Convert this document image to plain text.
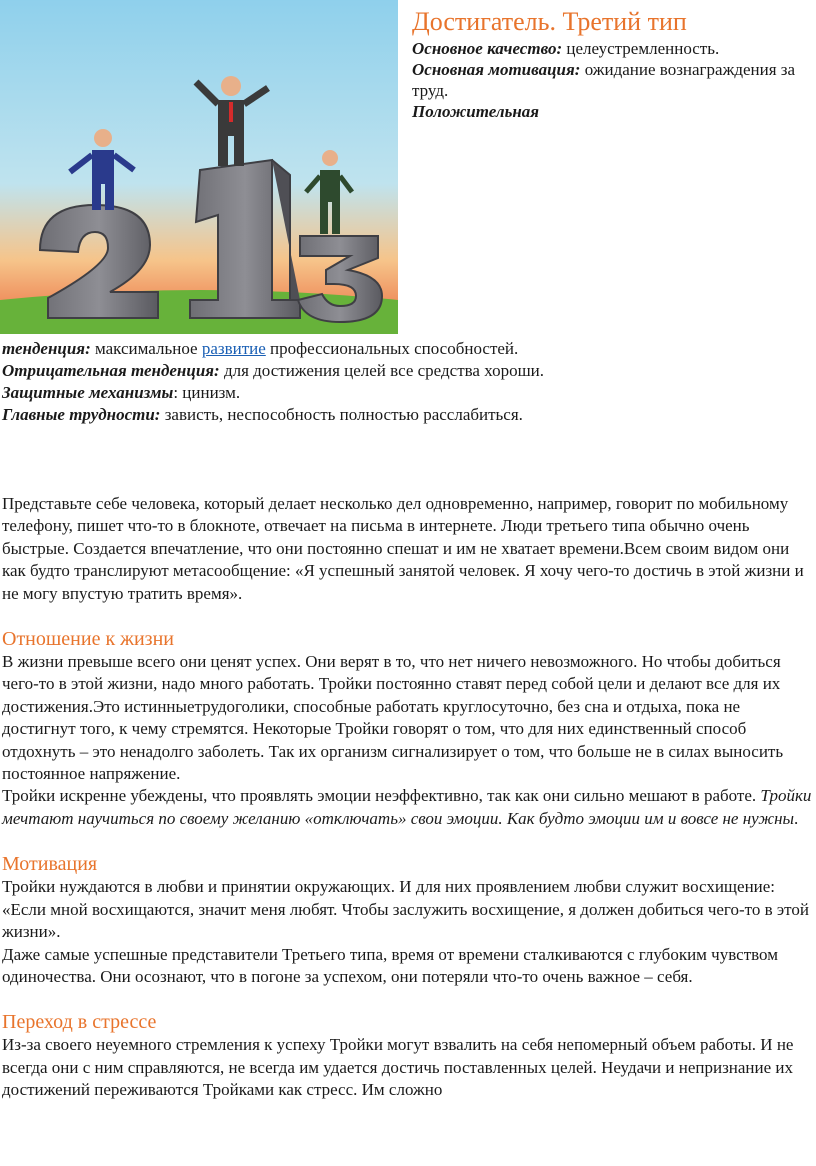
Достигатель. Третий тип

Основное качество: целеустремленность.

Основная мотивация: ожидание вознаграждения за труд.

Положительная

тенденция: максимальное развитие профессиональных способностей.

Отрицательная тенденция: для достижения целей все средства хороши.

Защитные механизмы: цинизм.

Главные трудности: зависть, неспособность полностью расслабиться.

Представьте себе человека, который делает несколько дел одновременно, например, говорит по мобильному телефону, пишет что-то в блокноте, отвечает на письма в интернете. Люди третьего типа обычно очень быстрые. Создается впечатление, что они постоянно спешат и им не хватает времени.Всем своим видом они как будто транслируют метасообщение: «Я успешный занятой человек. Я хочу чего-то достичь в этой жизни и не могу впустую тратить время».

Отношение к жизни

В жизни превыше всего они ценят успех. Они верят в то, что нет ничего невозможного. Но чтобы добиться чего-то в этой жизни, надо много работать. Тройки постоянно ставят перед собой цели и делают все для их достижения.Это истинныетрудоголики, способные работать круглосуточно, без сна и отдыха, пока не достигнут того, к чему стремятся. Некоторые Тройки говорят о том, что для них единственный способ отдохнуть – это ненадолго заболеть. Так их организм сигнализирует о том, что больше не в силах выносить постоянное напряжение.

Тройки искренне убеждены, что проявлять эмоции неэффективно, так как они сильно мешают в работе. Тройки мечтают научиться по своему желанию «отключать» свои эмоции. Как будто эмоции им и вовсе не нужны.

Мотивация

Тройки нуждаются в любви и принятии окружающих. И для них проявлением любви служит восхищение: «Если мной восхищаются, значит меня любят. Чтобы заслужить восхищение, я должен добиться чего-то в этой жизни».

Даже самые успешные представители Третьего типа, время от времени сталкиваются с глубоким чувством одиночества. Они осознают, что в погоне за успехом, они потеряли что-то очень важное – себя.

Переход в стрессе

Из-за своего неуемного стремления к успеху Тройки могут взвалить на себя непомерный объем работы. И не всегда они с ним справляются, не всегда им удается достичь поставленных целей. Неудачи и непризнание их достижений переживаются Тройками как стресс. Им сложно
